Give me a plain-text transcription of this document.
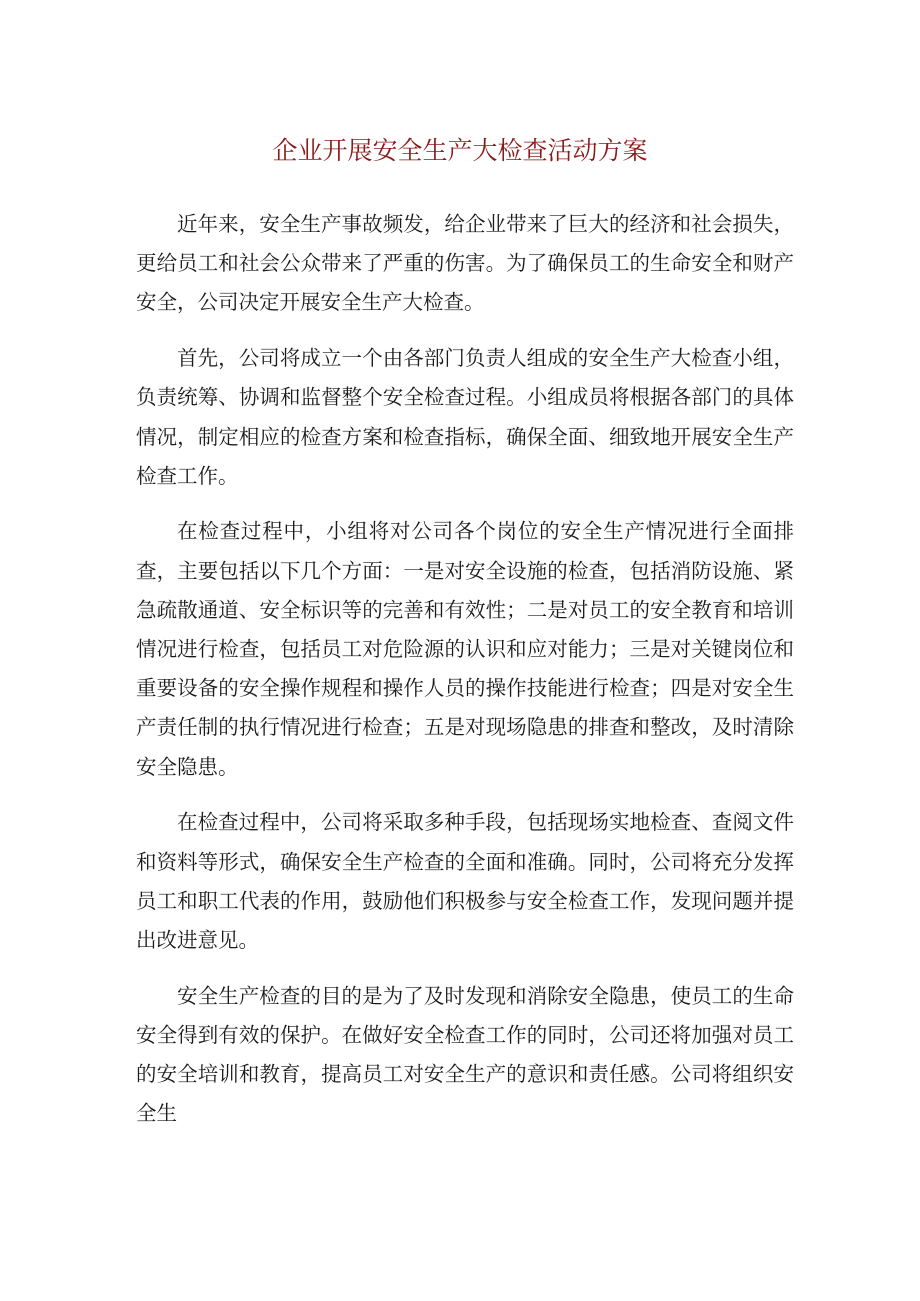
企业开展安全生产大检查活动方案

近年来，安全生产事故频发，给企业带来了巨大的经济和社会损失，更给员工和社会公众带来了严重的伤害。为了确保员工的生命安全和财产安全，公司决定开展安全生产大检查。

首先，公司将成立一个由各部门负责人组成的安全生产大检查小组，负责统筹、协调和监督整个安全检查过程。小组成员将根据各部门的具体情况，制定相应的检查方案和检查指标，确保全面、细致地开展安全生产检查工作。

在检查过程中，小组将对公司各个岗位的安全生产情况进行全面排查，主要包括以下几个方面：一是对安全设施的检查，包括消防设施、紧急疏散通道、安全标识等的完善和有效性；二是对员工的安全教育和培训情况进行检查，包括员工对危险源的认识和应对能力；三是对关键岗位和重要设备的安全操作规程和操作人员的操作技能进行检查；四是对安全生产责任制的执行情况进行检查；五是对现场隐患的排查和整改，及时清除安全隐患。

在检查过程中，公司将采取多种手段，包括现场实地检查、查阅文件和资料等形式，确保安全生产检查的全面和准确。同时，公司将充分发挥员工和职工代表的作用，鼓励他们积极参与安全检查工作，发现问题并提出改进意见。

安全生产检查的目的是为了及时发现和消除安全隐患，使员工的生命安全得到有效的保护。在做好安全检查工作的同时，公司还将加强对员工的安全培训和教育，提高员工对安全生产的意识和责任感。公司将组织安全生
